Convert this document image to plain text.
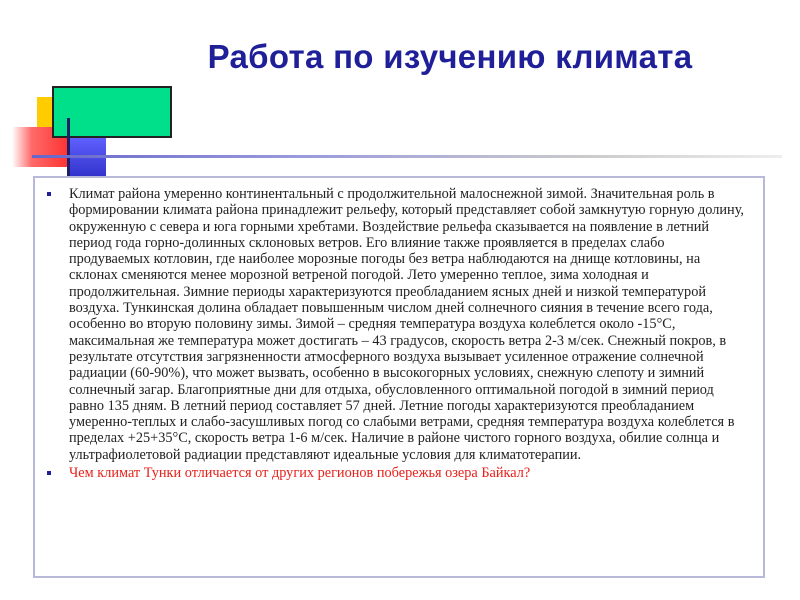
Работа по изучению климата

Климат района умеренно континентальный с продолжительной малоснежной зимой. Значительная роль в формировании климата района принадлежит рельефу, который представляет собой замкнутую горную долину, окруженную с севера и юга горными хребтами. Воздействие рельефа сказывается на появление в летний период года горно-долинных склоновых ветров. Его влияние также проявляется в пределах слабо продуваемых котловин, где наиболее морозные погоды без ветра наблюдаются на днище котловины, на склонах сменяются менее морозной ветреной погодой. Лето умеренно теплое, зима холодная и продолжительная. Зимние периоды характеризуются преобладанием ясных дней и низкой температурой воздуха. Тункинская долина обладает повышенным числом дней солнечного сияния в течение всего года, особенно во вторую половину зимы. Зимой – средняя температура воздуха колеблется около -15°С, максимальная же температура может достигать – 43 градусов, скорость ветра 2-3 м/сек. Снежный покров, в результате отсутствия загрязненности атмосферного воздуха вызывает усиленное отражение солнечной радиации (60-90%), что может вызвать, особенно в высокогорных условиях, снежную слепоту и зимний солнечный загар. Благоприятные дни для отдыха, обусловленного оптимальной погодой в зимний период равно 135 дням. В летний период составляет 57 дней. Летние погоды характеризуются преобладанием умеренно-теплых и слабо-засушливых погод со слабыми ветрами, средняя температура воздуха колеблется в пределах +25+35°С, скорость ветра 1-6 м/сек. Наличие в районе чистого горного воздуха, обилие солнца и ультрафиолетовой радиации представляют идеальные условия для климатотерапии.

Чем климат Тунки отличается от других регионов побережья озера Байкал?
